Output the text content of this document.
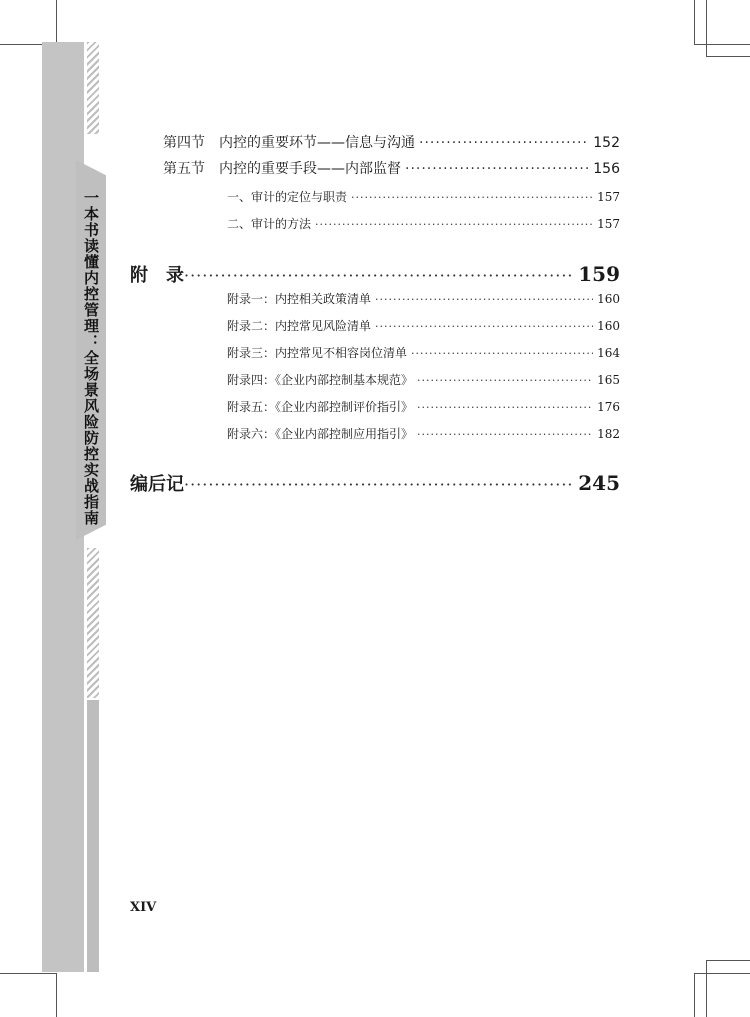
一本书读懂内控管理：全场景风险防控实战指南
第四节 内控的重要环节——信息与沟通 ·····	152
第五节 内控的重要手段——内部监督 ·····	156
一、审计的定位与职责 ·····	157
二、审计的方法 ·····	157
附　录 ·····	159
附录一：内控相关政策清单 ·····	160
附录二：内控常见风险清单 ·····	160
附录三：内控常见不相容岗位清单 ·····	164
附录四：《企业内部控制基本规范》 ·····	165
附录五：《企业内部控制评价指引》 ·····	176
附录六：《企业内部控制应用指引》 ·····	182
编后记 ·····	245
XIV
